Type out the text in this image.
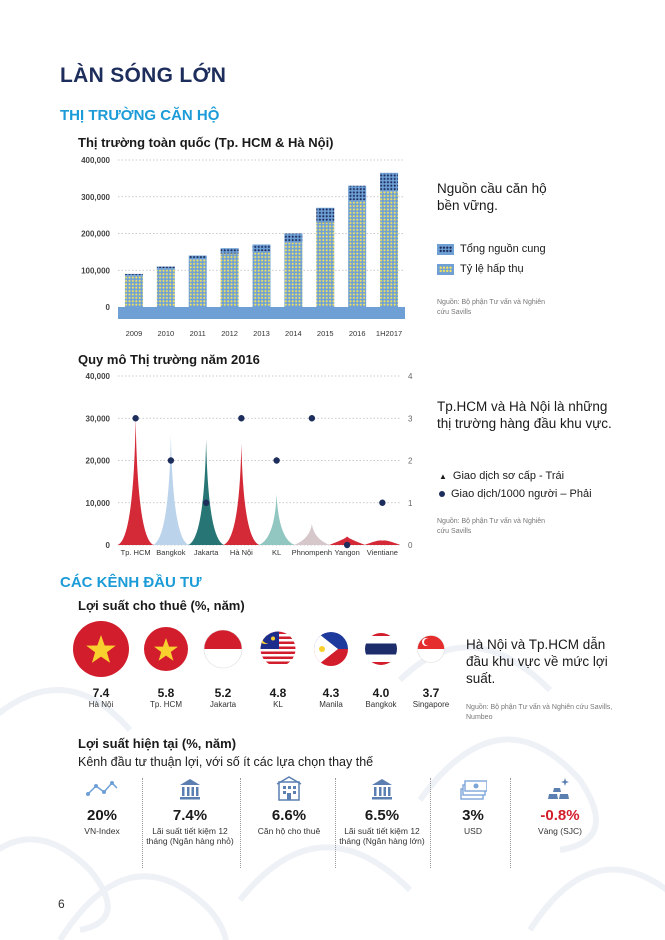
LÀN SÓNG LỚN
THỊ TRƯỜNG CĂN HỘ
Thị trường toàn quốc (Tp. HCM & Hà Nội)
400,000
300,000
200,000
100,000
0
2009 2010 2011 2012 2013 2014 2015 2016 1H2017
Nguồn cầu căn hộ bền vững.
Tổng nguồn cung
Tỷ lệ hấp thụ
Nguồn: Bộ phận Tư vấn và Nghiên cứu Savills
Quy mô Thị trường năm 2016
40,000
30,000
20,000
10,000
0
4
3
2
1
0
Tp. HCM Bangkok Jakarta Hà Nội	KL Phnompenh Yangon Vientiane
Tp.HCM và Hà Nội là những thị trường hàng đầu khu vực.
▲ Giao dịch sơ cấp - Trái
Giao dịch/1000 người – Phải
Nguồn: Bộ phận Tư vấn và Nghiên cứu Savills
CÁC KÊNH ĐẦU TƯ
Lợi suất cho thuê (%, năm)
7.4
Hà Nội
5.8
Tp. HCM
5.2
Jakarta
4.8
KL
4.3
Manila
4.0
Bangkok
3.7
Singapore
Hà Nội và Tp.HCM dẫn đầu khu vực về mức lợi suất.
Nguồn: Bộ phận Tư vấn và Nghiên cứu Savills, Numbeo
Lợi suất hiện tại (%, năm)
Kênh đầu tư thuận lợi, với số ít các lựa chọn thay thế
20%
VN-Index
7.4%
Lãi suất tiết kiệm 12 tháng (Ngân hàng nhỏ)
6.6%
Căn hộ cho thuê
6.5%
Lãi suất tiết kiệm 12 tháng (Ngân hàng lớn)
3%
USD
-0.8%
Vàng (SJC)
6
